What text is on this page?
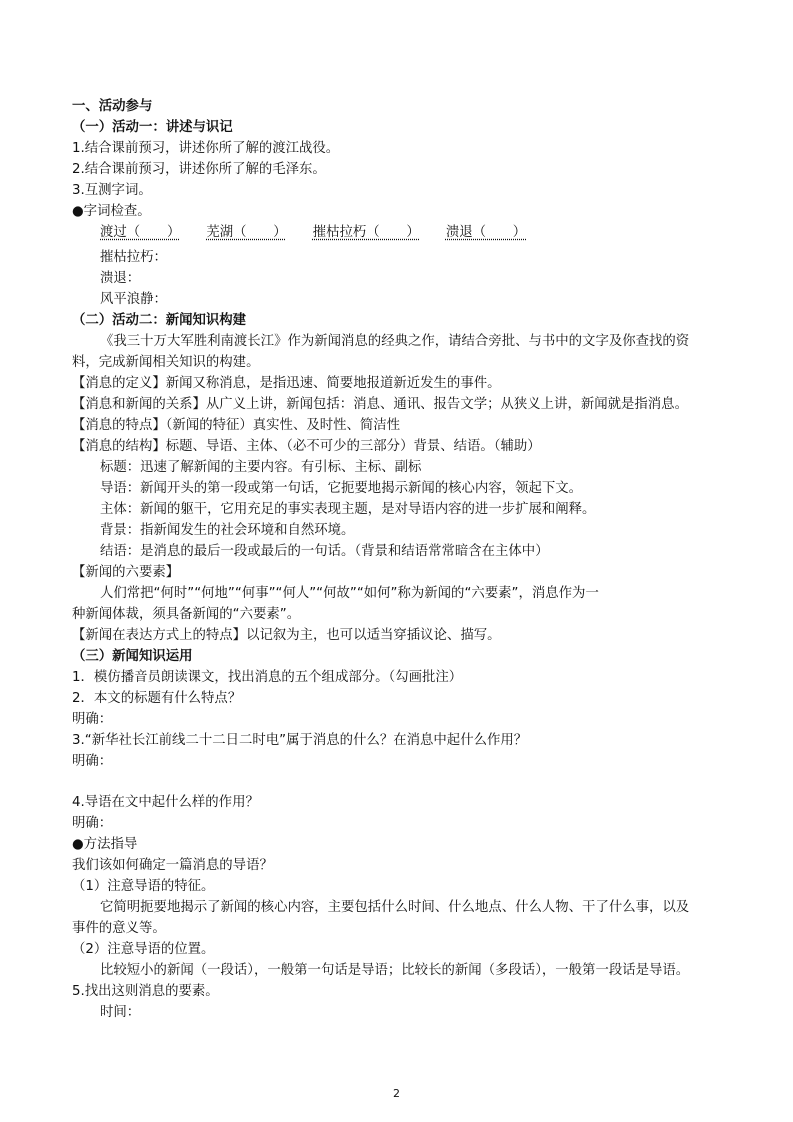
一、活动参与
（一）活动一：讲述与识记
1.结合课前预习，讲述你所了解的渡江战役。
2.结合课前预习，讲述你所了解的毛泽东。
3.互测字词。
●字词检查。
渡过（　　） 芜湖（　　） 摧枯拉朽（　　） 溃退（　　）
摧枯拉朽：
溃退：
风平浪静：
（二）活动二：新闻知识构建
《我三十万大军胜利南渡长江》作为新闻消息的经典之作，请结合旁批、与书中的文字及你查找的资
料，完成新闻相关知识的构建。
【消息的定义】新闻又称消息，是指迅速、简要地报道新近发生的事件。
【消息和新闻的关系】从广义上讲，新闻包括：消息、通讯、报告文学；从狭义上讲，新闻就是指消息。
【消息的特点】（新闻的特征）真实性、及时性、简洁性
【消息的结构】标题、导语、主体、（必不可少的三部分）背景、结语。（辅助）
标题：迅速了解新闻的主要内容。有引标、主标、副标
导语：新闻开头的第一段或第一句话，它扼要地揭示新闻的核心内容，领起下文。
主体：新闻的躯干，它用充足的事实表现主题，是对导语内容的进一步扩展和阐释。
背景：指新闻发生的社会环境和自然环境。
结语：是消息的最后一段或最后的一句话。（背景和结语常常暗含在主体中）
【新闻的六要素】
人们常把“何时”“何地”“何事”“何人”“何故”“如何”称为新闻的“六要素”，消息作为一
种新闻体裁，须具备新闻的“六要素”。
【新闻在表达方式上的特点】以记叙为主，也可以适当穿插议论、描写。
（三）新闻知识运用
1．模仿播音员朗读课文，找出消息的五个组成部分。（勾画批注）
2．本文的标题有什么特点？
明确：
3.“新华社长江前线二十二日二时电”属于消息的什么？在消息中起什么作用？
明确：
4.导语在文中起什么样的作用？
明确：
●方法指导
我们该如何确定一篇消息的导语？
（1）注意导语的特征。
它简明扼要地揭示了新闻的核心内容，主要包括什么时间、什么地点、什么人物、干了什么事，以及
事件的意义等。
（2）注意导语的位置。
比较短小的新闻（一段话），一般第一句话是导语；比较长的新闻（多段话），一般第一段话是导语。
5.找出这则消息的要素。
时间：
2
